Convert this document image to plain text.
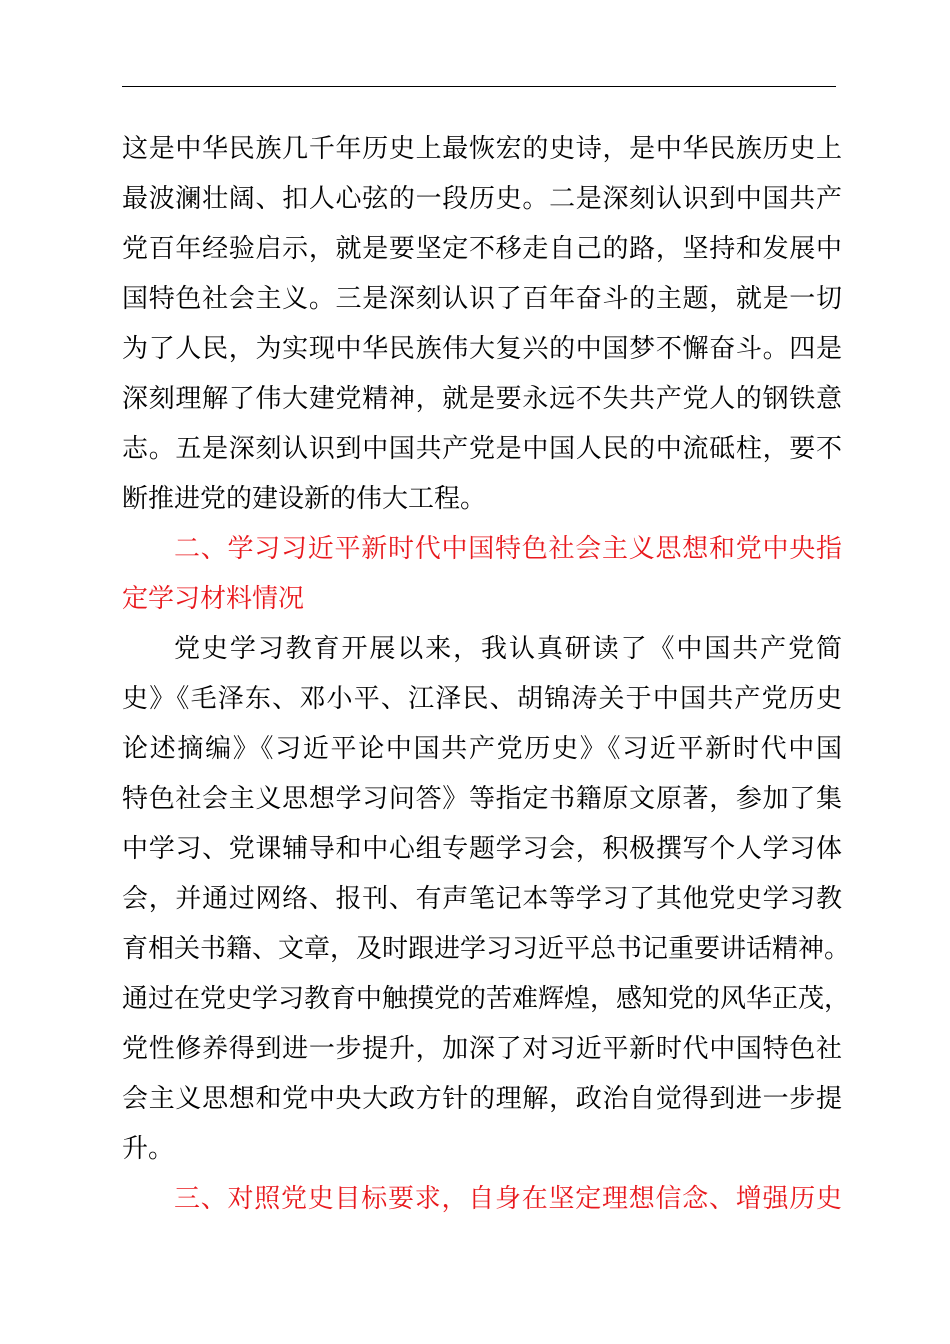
这是中华民族几千年历史上最恢宏的史诗，是中华民族历史上
最波澜壮阔、扣人心弦的一段历史。二是深刻认识到中国共产
党百年经验启示，就是要坚定不移走自己的路，坚持和发展中
国特色社会主义。三是深刻认识了百年奋斗的主题，就是一切
为了人民，为实现中华民族伟大复兴的中国梦不懈奋斗。四是
深刻理解了伟大建党精神，就是要永远不失共产党人的钢铁意
志。五是深刻认识到中国共产党是中国人民的中流砥柱，要不
断推进党的建设新的伟大工程。
二、学习习近平新时代中国特色社会主义思想和党中央指
定学习材料情况
党史学习教育开展以来，我认真研读了《中国共产党简
史》《毛泽东、邓小平、江泽民、胡锦涛关于中国共产党历史
论述摘编》《习近平论中国共产党历史》《习近平新时代中国
特色社会主义思想学习问答》等指定书籍原文原著，参加了集
中学习、党课辅导和中心组专题学习会，积极撰写个人学习体
会，并通过网络、报刊、有声笔记本等学习了其他党史学习教
育相关书籍、文章，及时跟进学习习近平总书记重要讲话精神。
通过在党史学习教育中触摸党的苦难辉煌，感知党的风华正茂，
党性修养得到进一步提升，加深了对习近平新时代中国特色社
会主义思想和党中央大政方针的理解，政治自觉得到进一步提
升。
三、对照党史目标要求，自身在坚定理想信念、增强历史
